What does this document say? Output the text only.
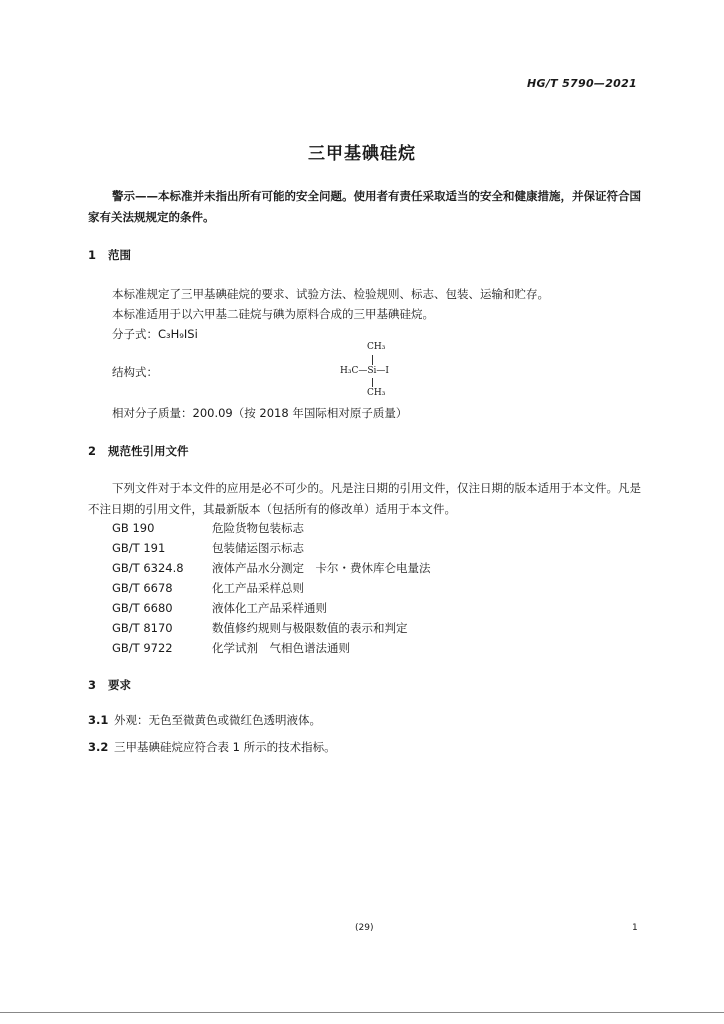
HG/T 5790—2021
三甲基碘硅烷
警示——本标准并未指出所有可能的安全问题。使用者有责任采取适当的安全和健康措施，并保证符合国家有关法规规定的条件。
1 范围
本标准规定了三甲基碘硅烷的要求、试验方法、检验规则、标志、包装、运输和贮存。
本标准适用于以六甲基二硅烷与碘为原料合成的三甲基碘硅烷。
分子式：C₃H₉ISi
结构式：
CH₃
H₃C—Si—I
CH₃
相对分子质量：200.09（按 2018 年国际相对原子质量）
2 规范性引用文件
下列文件对于本文件的应用是必不可少的。凡是注日期的引用文件，仅注日期的版本适用于本文件。凡是不注日期的引用文件，其最新版本（包括所有的修改单）适用于本文件。
GB 190	危险货物包装标志
GB/T 191	包装储运图示标志
GB/T 6324.8 液体产品水分测定　卡尔・费休库仑电量法
GB/T 6678	化工产品采样总则
GB/T 6680	液体化工产品采样通则
GB/T 8170	数值修约规则与极限数值的表示和判定
GB/T 9722	化学试剂　气相色谱法通则
3 要求
3.1 外观：无色至微黄色或微红色透明液体。
3.2 三甲基碘硅烷应符合表 1 所示的技术指标。
(29)	1
